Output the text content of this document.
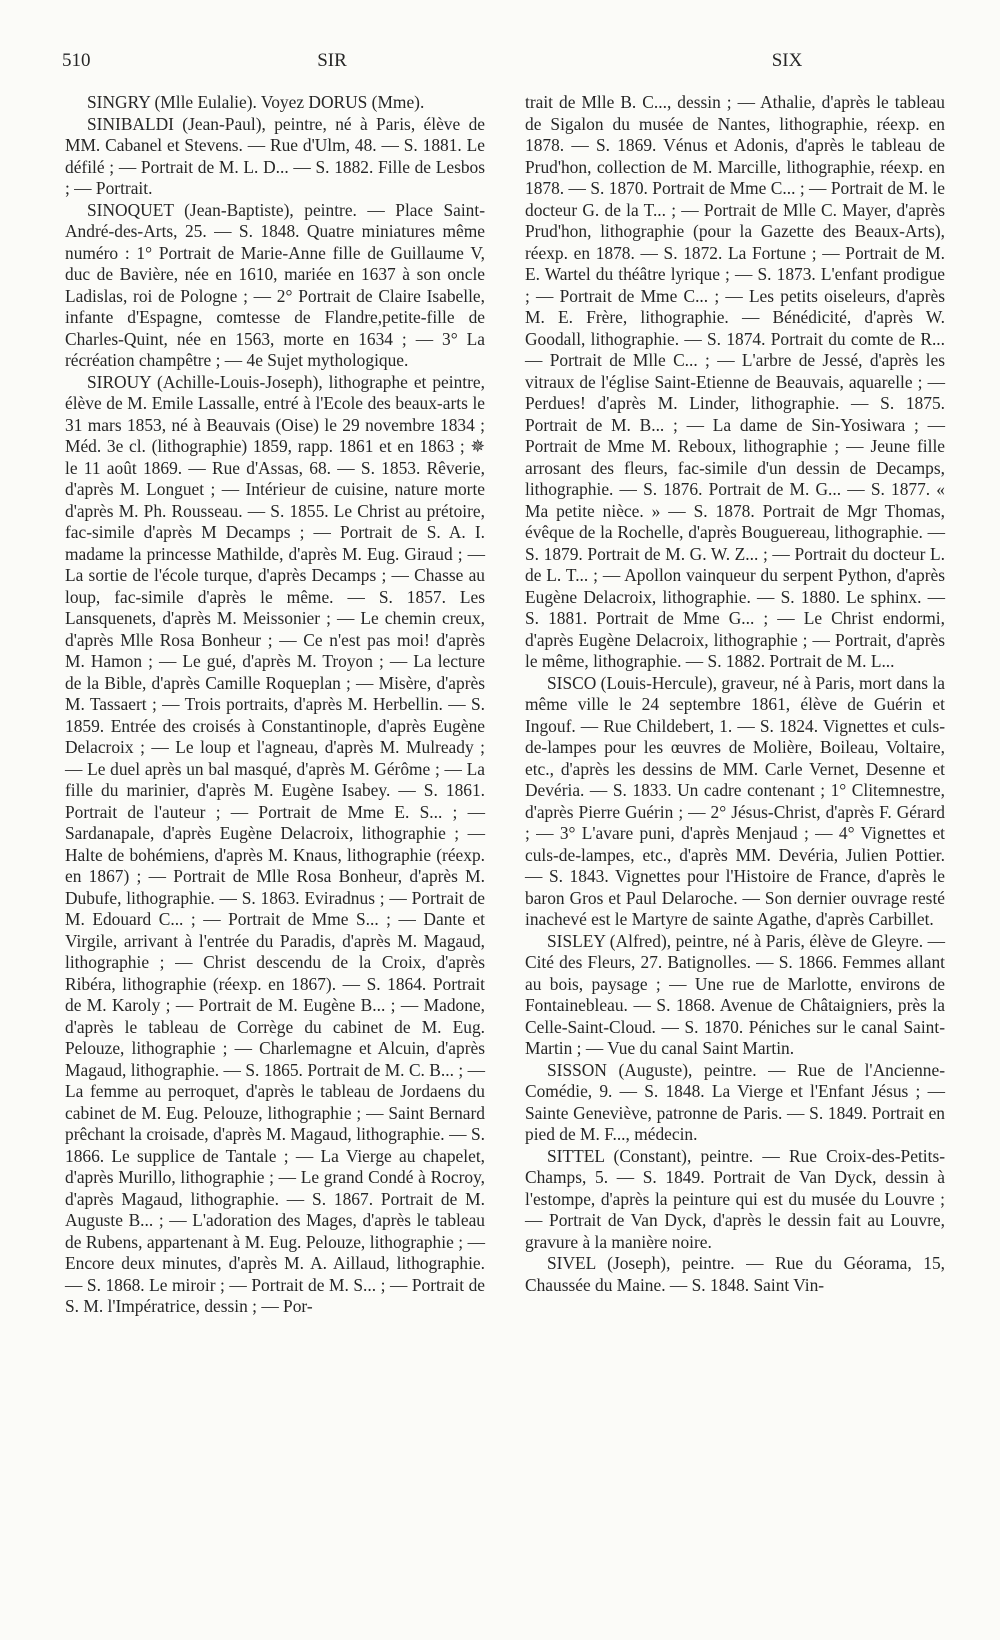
510	SIR	SIX

SINGRY (Mlle Eulalie). Voyez DORUS (Mme).

SINIBALDI (Jean-Paul), peintre, né à Paris, élève de MM. Cabanel et Stevens. — Rue d'Ulm, 48. — S. 1881. Le défilé ; — Portrait de M. L. D... — S. 1882. Fille de Lesbos ; — Portrait.

SINOQUET (Jean-Baptiste), peintre. — Place Saint-André-des-Arts, 25. — S. 1848. Quatre miniatures même numéro : 1° Portrait de Marie-Anne fille de Guillaume V, duc de Bavière, née en 1610, mariée en 1637 à son oncle Ladislas, roi de Pologne ; — 2° Portrait de Claire Isabelle, infante d'Espagne, comtesse de Flandre,petite-fille de Charles-Quint, née en 1563, morte en 1634 ; — 3° La récréation champêtre ; — 4e Sujet mythologique.

SIROUY (Achille-Louis-Joseph), lithographe et peintre, élève de M. Emile Lassalle, entré à l'Ecole des beaux-arts le 31 mars 1853, né à Beauvais (Oise) le 29 novembre 1834 ; Méd. 3e cl. (lithographie) 1859, rapp. 1861 et en 1863 ; ✵ le 11 août 1869. — Rue d'Assas, 68. — S. 1853. Rêverie, d'après M. Longuet ; — Intérieur de cuisine, nature morte d'après M. Ph. Rousseau. — S. 1855. Le Christ au prétoire, fac-simile d'après M Decamps ; — Portrait de S. A. I. madame la princesse Mathilde, d'après M. Eug. Giraud ; — La sortie de l'école turque, d'après Decamps ; — Chasse au loup, fac-simile d'après le même. — S. 1857. Les Lansquenets, d'après M. Meissonier ; — Le chemin creux, d'après Mlle Rosa Bonheur ; — Ce n'est pas moi! d'après M. Hamon ; — Le gué, d'après M. Troyon ; — La lecture de la Bible, d'après Camille Roqueplan ; — Misère, d'après M. Tassaert ; — Trois portraits, d'après M. Herbellin. — S. 1859. Entrée des croisés à Constantinople, d'après Eugène Delacroix ; — Le loup et l'agneau, d'après M. Mulready ; — Le duel après un bal masqué, d'après M. Gérôme ; — La fille du marinier, d'après M. Eugène Isabey. — S. 1861. Portrait de l'auteur ; — Portrait de Mme E. S... ; — Sardanapale, d'après Eugène Delacroix, lithographie ; — Halte de bohémiens, d'après M. Knaus, lithographie (réexp. en 1867) ; — Portrait de Mlle Rosa Bonheur, d'après M. Dubufe, lithographie. — S. 1863. Eviradnus ; — Portrait de M. Edouard C... ; — Portrait de Mme S... ; — Dante et Virgile, arrivant à l'entrée du Paradis, d'après M. Magaud, lithographie ; — Christ descendu de la Croix, d'après Ribéra, lithographie (réexp. en 1867). — S. 1864. Portrait de M. Karoly ; — Portrait de M. Eugène B... ; — Madone, d'après le tableau de Corrège du cabinet de M. Eug. Pelouze, lithographie ; — Charlemagne et Alcuin, d'après Magaud, lithographie. — S. 1865. Portrait de M. C. B... ; — La femme au perroquet, d'après le tableau de Jordaens du cabinet de M. Eug. Pelouze, lithographie ; — Saint Bernard prêchant la croisade, d'après M. Magaud, lithographie. — S. 1866. Le supplice de Tantale ; — La Vierge au chapelet, d'après Murillo, lithographie ; — Le grand Condé à Rocroy, d'après Magaud, lithographie. — S. 1867. Portrait de M. Auguste B... ; — L'adoration des Mages, d'après le tableau de Rubens, appartenant à M. Eug. Pelouze, lithographie ; — Encore deux minutes, d'après M. A. Aillaud, lithographie. — S. 1868. Le miroir ; — Portrait de M. S... ; — Portrait de S. M. l'Impératrice, dessin ; — Por-

trait de Mlle B. C..., dessin ; — Athalie, d'après le tableau de Sigalon du musée de Nantes, lithographie, réexp. en 1878. — S. 1869. Vénus et Adonis, d'après le tableau de Prud'hon, collection de M. Marcille, lithographie, réexp. en 1878. — S. 1870. Portrait de Mme C... ; — Portrait de M. le docteur G. de la T... ; — Portrait de Mlle C. Mayer, d'après Prud'hon, lithographie (pour la Gazette des Beaux-Arts), réexp. en 1878. — S. 1872. La Fortune ; — Portrait de M. E. Wartel du théâtre lyrique ; — S. 1873. L'enfant prodigue ; — Portrait de Mme C... ; — Les petits oiseleurs, d'après M. E. Frère, lithographie. — Bénédicité, d'après W. Goodall, lithographie. — S. 1874. Portrait du comte de R... — Portrait de Mlle C... ; — L'arbre de Jessé, d'après les vitraux de l'église Saint-Etienne de Beauvais, aquarelle ; — Perdues! d'après M. Linder, lithographie. — S. 1875. Portrait de M. B... ; — La dame de Sin-Yosiwara ; — Portrait de Mme M. Reboux, lithographie ; — Jeune fille arrosant des fleurs, fac-simile d'un dessin de Decamps, lithographie. — S. 1876. Portrait de M. G... — S. 1877. « Ma petite nièce. » — S. 1878. Portrait de Mgr Thomas, évêque de la Rochelle, d'après Bouguereau, lithographie. — S. 1879. Portrait de M. G. W. Z... ; — Portrait du docteur L. de L. T... ; — Apollon vainqueur du serpent Python, d'après Eugène Delacroix, lithographie. — S. 1880. Le sphinx. — S. 1881. Portrait de Mme G... ; — Le Christ endormi, d'après Eugène Delacroix, lithographie ; — Portrait, d'après le même, lithographie. — S. 1882. Portrait de M. L...

SISCO (Louis-Hercule), graveur, né à Paris, mort dans la même ville le 24 septembre 1861, élève de Guérin et Ingouf. — Rue Childebert, 1. — S. 1824. Vignettes et culs-de-lampes pour les œuvres de Molière, Boileau, Voltaire, etc., d'après les dessins de MM. Carle Vernet, Desenne et Devéria. — S. 1833. Un cadre contenant ; 1° Clitemnestre, d'après Pierre Guérin ; — 2° Jésus-Christ, d'après F. Gérard ; — 3° L'avare puni, d'après Menjaud ; — 4° Vignettes et culs-de-lampes, etc., d'après MM. Devéria, Julien Pottier. — S. 1843. Vignettes pour l'Histoire de France, d'après le baron Gros et Paul Delaroche. — Son dernier ouvrage resté inachevé est le Martyre de sainte Agathe, d'après Carbillet.

SISLEY (Alfred), peintre, né à Paris, élève de Gleyre. — Cité des Fleurs, 27. Batignolles. — S. 1866. Femmes allant au bois, paysage ; — Une rue de Marlotte, environs de Fontainebleau. — S. 1868. Avenue de Châtaigniers, près la Celle-Saint-Cloud. — S. 1870. Péniches sur le canal Saint-Martin ; — Vue du canal Saint Martin.

SISSON (Auguste), peintre. — Rue de l'Ancienne-Comédie, 9. — S. 1848. La Vierge et l'Enfant Jésus ; — Sainte Geneviève, patronne de Paris. — S. 1849. Portrait en pied de M. F..., médecin.

SITTEL (Constant), peintre. — Rue Croix-des-Petits-Champs, 5. — S. 1849. Portrait de Van Dyck, dessin à l'estompe, d'après la peinture qui est du musée du Louvre ; — Portrait de Van Dyck, d'après le dessin fait au Louvre, gravure à la manière noire.

SIVEL (Joseph), peintre. — Rue du Géorama, 15, Chaussée du Maine. — S. 1848. Saint Vin-
